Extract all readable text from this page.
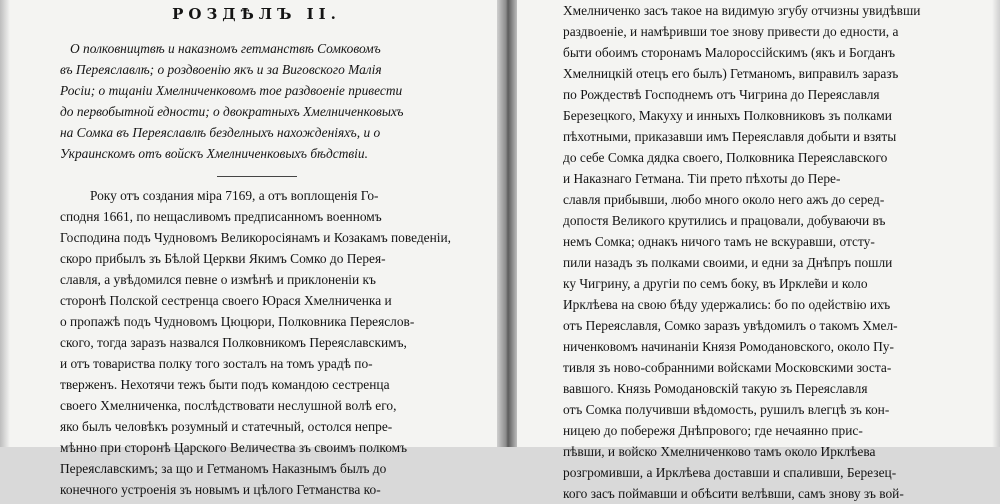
РОЗДѢЛЪ II.
О полковництвѣ и наказномъ гетманствѣ Сомковомъ
въ Переяславлѣ; о роздвоенію якъ и за Виговского Малія
Росіи; о тщаніи Хмелниченковомъ тое раздвоеніе привести
до первобытной едности; о двократныхъ Хмелниченковыхъ
на Сомка въ Переяславлѣ безделныхъ нахожденіяхъ, и о
Украинскомъ отъ войскъ Хмелниченковыхъ бѣдствіи.
Року отъ создания міра 7169, а отъ воплощенія Го-
сподня 1661, по нещасливомъ предписанномъ военномъ
Господина подъ Чудновомъ Великоросiянамъ и Козакамъ поведеніи,
скоро прибылъ зъ Бѣлой Церкви Якимъ Сомко до Перея-
славля, а увѣдомился певне о измѣнѣ и приклоненіи къ
сторонѣ Полской сестренца своего Юрася Хмелниченка и
о пропажѣ подъ Чудновомъ Цюцюри, Полковника Переяслов-
ского, тогда заразъ назвался Полковникомъ Переяславскимъ,
и отъ товариства полку того зосталъ на томъ урадѣ по-
тверженъ. Нехотячи тежъ быти подъ командою сестренца
своего Хмелниченка, послѣдствовати неслушной волѣ его,
яко былъ человѣкъ розумный и статечный, остолся непре-
мѣнно при сторонѣ Царского Величества зъ своимъ полкомъ
Переяславскимъ; за що и Гетманомъ Наказнымъ былъ до
конечного устроенія зъ новымъ и цѣлого Гетманства ко-
Хмелниченко засъ такое на видимую згубу отчизны увидѣвши
раздвоеніе, и намѣривши тое знову привести до едности, а
быти обоимъ сторонамъ Малороссійскимъ (якъ и Богданъ
Хмелницкій отецъ его былъ) Гетманомъ, виправилъ заразъ
по Рождествѣ Господнемъ отъ Чигрина до Переяславля
Березецкого, Макуху и инныхъ Полковниковъ зъ полками
пѣхотными, приказавши имъ Переяславля добыти и взяты
до себе Сомка дядка своего, Полковника Переяславского
и Наказнаго Гетмана. Тіи прето пѣхоты до Пере-
славля прибывши, любо много около него ажъ до серед-
допостя Великого крутились и працовали, добуваючи въ
немъ Сомка; однакъ ничого тамъ не вскуравши, отсту-
пили назадъ зъ полками своими, и едни за Днѣпръ пошли
ку Чигрину, а другіи по семъ боку, въ Иркле̃ви и коло
Ирклѣева на свою бѣду удержались: бо по одействію ихъ
отъ Переяславля, Сомко заразъ увѣдомилъ о такомъ Хмел-
ниченковомъ начинаніи Князя Ромодановского, около Пу-
тивля зъ ново-собранними войсками Московскими зоста-
вавшого. Князь Ромодановскій такую зъ Переяславля
отъ Сомка получивши вѣдомость, рушилъ влегцѣ зъ кон-
ницею до побережя Днѣпрового; где нечаянно прис-
пѣвши, и войско Хмелниченково тамъ около Ирклѣева
розгромивши, а Ирклѣева доставши и спаливши, Березец-
кого засъ поймавши и обѣсити велѣвши, самъ знову зъ вой-
